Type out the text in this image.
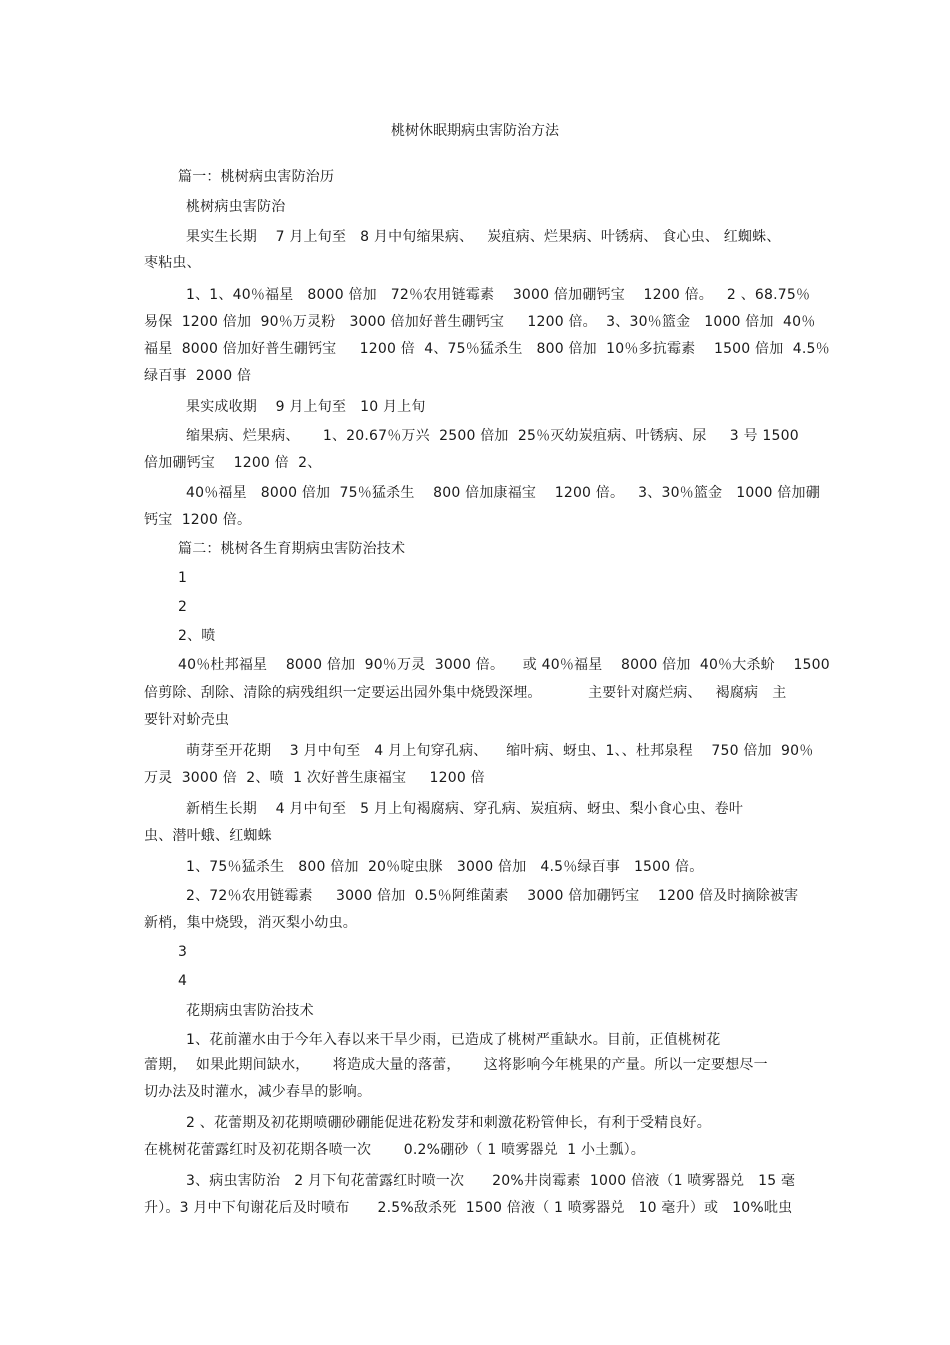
桃树休眠期病虫害防治方法
篇一：桃树病虫害防治历
桃树病虫害防治
果实生长期    7 月上旬至   8 月中旬缩果病、   炭疽病、烂果病、叶锈病、 食心虫、 红蜘蛛、
枣粘虫、
1、1、40％福星   8000 倍加   72％农用链霉素    3000 倍加硼钙宝    1200 倍。   2 、68.75％
易保  1200 倍加  90％万灵粉   3000 倍加好普生硼钙宝     1200 倍。  3、30％篮金   1000 倍加  40％
福星  8000 倍加好普生硼钙宝     1200 倍  4、75％猛杀生   800 倍加  10％多抗霉素    1500 倍加  4.5％
绿百事  2000 倍
果实成收期    9 月上旬至   10 月上旬
缩果病、烂果病、     1、20.67％万兴  2500 倍加  25％灭幼炭疽病、叶锈病、尿     3 号 1500
倍加硼钙宝    1200 倍  2、
40％福星   8000 倍加  75％猛杀生    800 倍加康福宝    1200 倍。   3、30％篮金   1000 倍加硼
钙宝  1200 倍。
篇二：桃树各生育期病虫害防治技术
1
2
2、喷
40％杜邦福星    8000 倍加  90％万灵  3000 倍。    或 40％福星    8000 倍加  40％大杀蚧    1500
倍剪除、刮除、清除的病残组织一定要运出园外集中烧毁深埋。          主要针对腐烂病、   褐腐病   主
要针对蚧壳虫
萌芽至开花期    3 月中旬至   4 月上旬穿孔病、    缩叶病、蚜虫、1、、杜邦泉程    750 倍加  90％
万灵  3000 倍  2、喷  1 次好普生康福宝     1200 倍
新梢生长期    4 月中旬至   5 月上旬褐腐病、穿孔病、炭疽病、蚜虫、梨小食心虫、卷叶
虫、潜叶蛾、红蜘蛛
1、75％猛杀生   800 倍加  20％啶虫脒   3000 倍加   4.5％绿百事   1500 倍。
2、72％农用链霉素     3000 倍加  0.5％阿维菌素    3000 倍加硼钙宝    1200 倍及时摘除被害
新梢，集中烧毁，消灭梨小幼虫。
3
4
花期病虫害防治技术
1、花前灌水由于今年入春以来干旱少雨，已造成了桃树严重缺水。目前，正值桃树花
蕾期，  如果此期间缺水，     将造成大量的落蕾，     这将影响今年桃果的产量。所以一定要想尽一
切办法及时灌水，减少春旱的影响。
2 、花蕾期及初花期喷硼砂硼能促进花粉发芽和刺激花粉管伸长，有利于受精良好。
在桃树花蕾露红时及初花期各喷一次       0.2%硼砂（ 1 喷雾器兑  1 小土瓢）。
3、病虫害防治   2 月下旬花蕾露红时喷一次      20%井岗霉素  1000 倍液（1 喷雾器兑   15 毫
升）。3 月中下旬谢花后及时喷布      2.5%敌杀死  1500 倍液（ 1 喷雾器兑   10 毫升）或   10%吡虫
